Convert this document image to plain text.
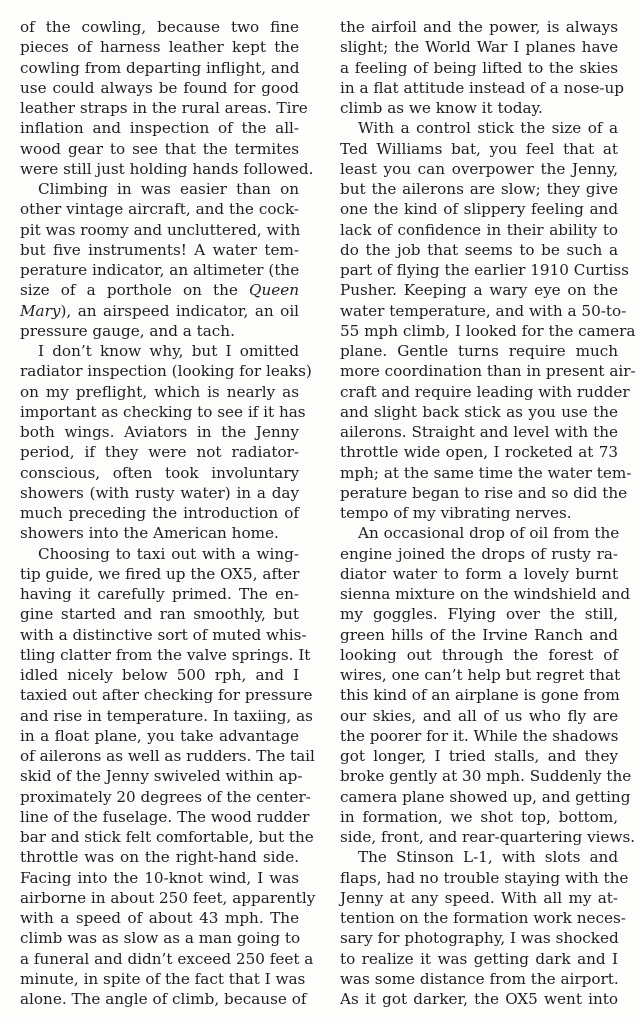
of the cowling, because two fine
pieces of harness leather kept the
cowling from departing inflight, and
use could always be found for good
leather straps in the rural areas. Tire
inflation and inspection of the all-
wood gear to see that the termites
were still just holding hands followed.
Climbing in was easier than on
other vintage aircraft, and the cock-
pit was roomy and uncluttered, with
but five instruments! A water tem-
perature indicator, an altimeter (the
size of a porthole on the Queen
Mary), an airspeed indicator, an oil
pressure gauge, and a tach.
I don’t know why, but I omitted
radiator inspection (looking for leaks)
on my preflight, which is nearly as
important as checking to see if it has
both wings. Aviators in the Jenny
period, if they were not radiator-
conscious, often took involuntary
showers (with rusty water) in a day
much preceding the introduction of
showers into the American home.
Choosing to taxi out with a wing-
tip guide, we fired up the OX5, after
having it carefully primed. The en-
gine started and ran smoothly, but
with a distinctive sort of muted whis-
tling clatter from the valve springs. It
idled nicely below 500 rph, and I
taxied out after checking for pressure
and rise in temperature. In taxiing, as
in a float plane, you take advantage
of ailerons as well as rudders. The tail
skid of the Jenny swiveled within ap-
proximately 20 degrees of the center-
line of the fuselage. The wood rudder
bar and stick felt comfortable, but the
throttle was on the right-hand side.
Facing into the 10-knot wind, I was
airborne in about 250 feet, apparently
with a speed of about 43 mph. The
climb was as slow as a man going to
a funeral and didn’t exceed 250 feet a
minute, in spite of the fact that I was
alone. The angle of climb, because of
the airfoil and the power, is always
slight; the World War I planes have
a feeling of being lifted to the skies
in a flat attitude instead of a nose-up
climb as we know it today.
With a control stick the size of a
Ted Williams bat, you feel that at
least you can overpower the Jenny,
but the ailerons are slow; they give
one the kind of slippery feeling and
lack of confidence in their ability to
do the job that seems to be such a
part of flying the earlier 1910 Curtiss
Pusher. Keeping a wary eye on the
water temperature, and with a 50-to-
55 mph climb, I looked for the camera
plane. Gentle turns require much
more coordination than in present air-
craft and require leading with rudder
and slight back stick as you use the
ailerons. Straight and level with the
throttle wide open, I rocketed at 73
mph; at the same time the water tem-
perature began to rise and so did the
tempo of my vibrating nerves.
An occasional drop of oil from the
engine joined the drops of rusty ra-
diator water to form a lovely burnt
sienna mixture on the windshield and
my goggles. Flying over the still,
green hills of the Irvine Ranch and
looking out through the forest of
wires, one can’t help but regret that
this kind of an airplane is gone from
our skies, and all of us who fly are
the poorer for it. While the shadows
got longer, I tried stalls, and they
broke gently at 30 mph. Suddenly the
camera plane showed up, and getting
in formation, we shot top, bottom,
side, front, and rear-quartering views.
The Stinson L-1, with slots and
flaps, had no trouble staying with the
Jenny at any speed. With all my at-
tention on the formation work neces-
sary for photography, I was shocked
to realize it was getting dark and I
was some distance from the airport.
As it got darker, the OX5 went into
